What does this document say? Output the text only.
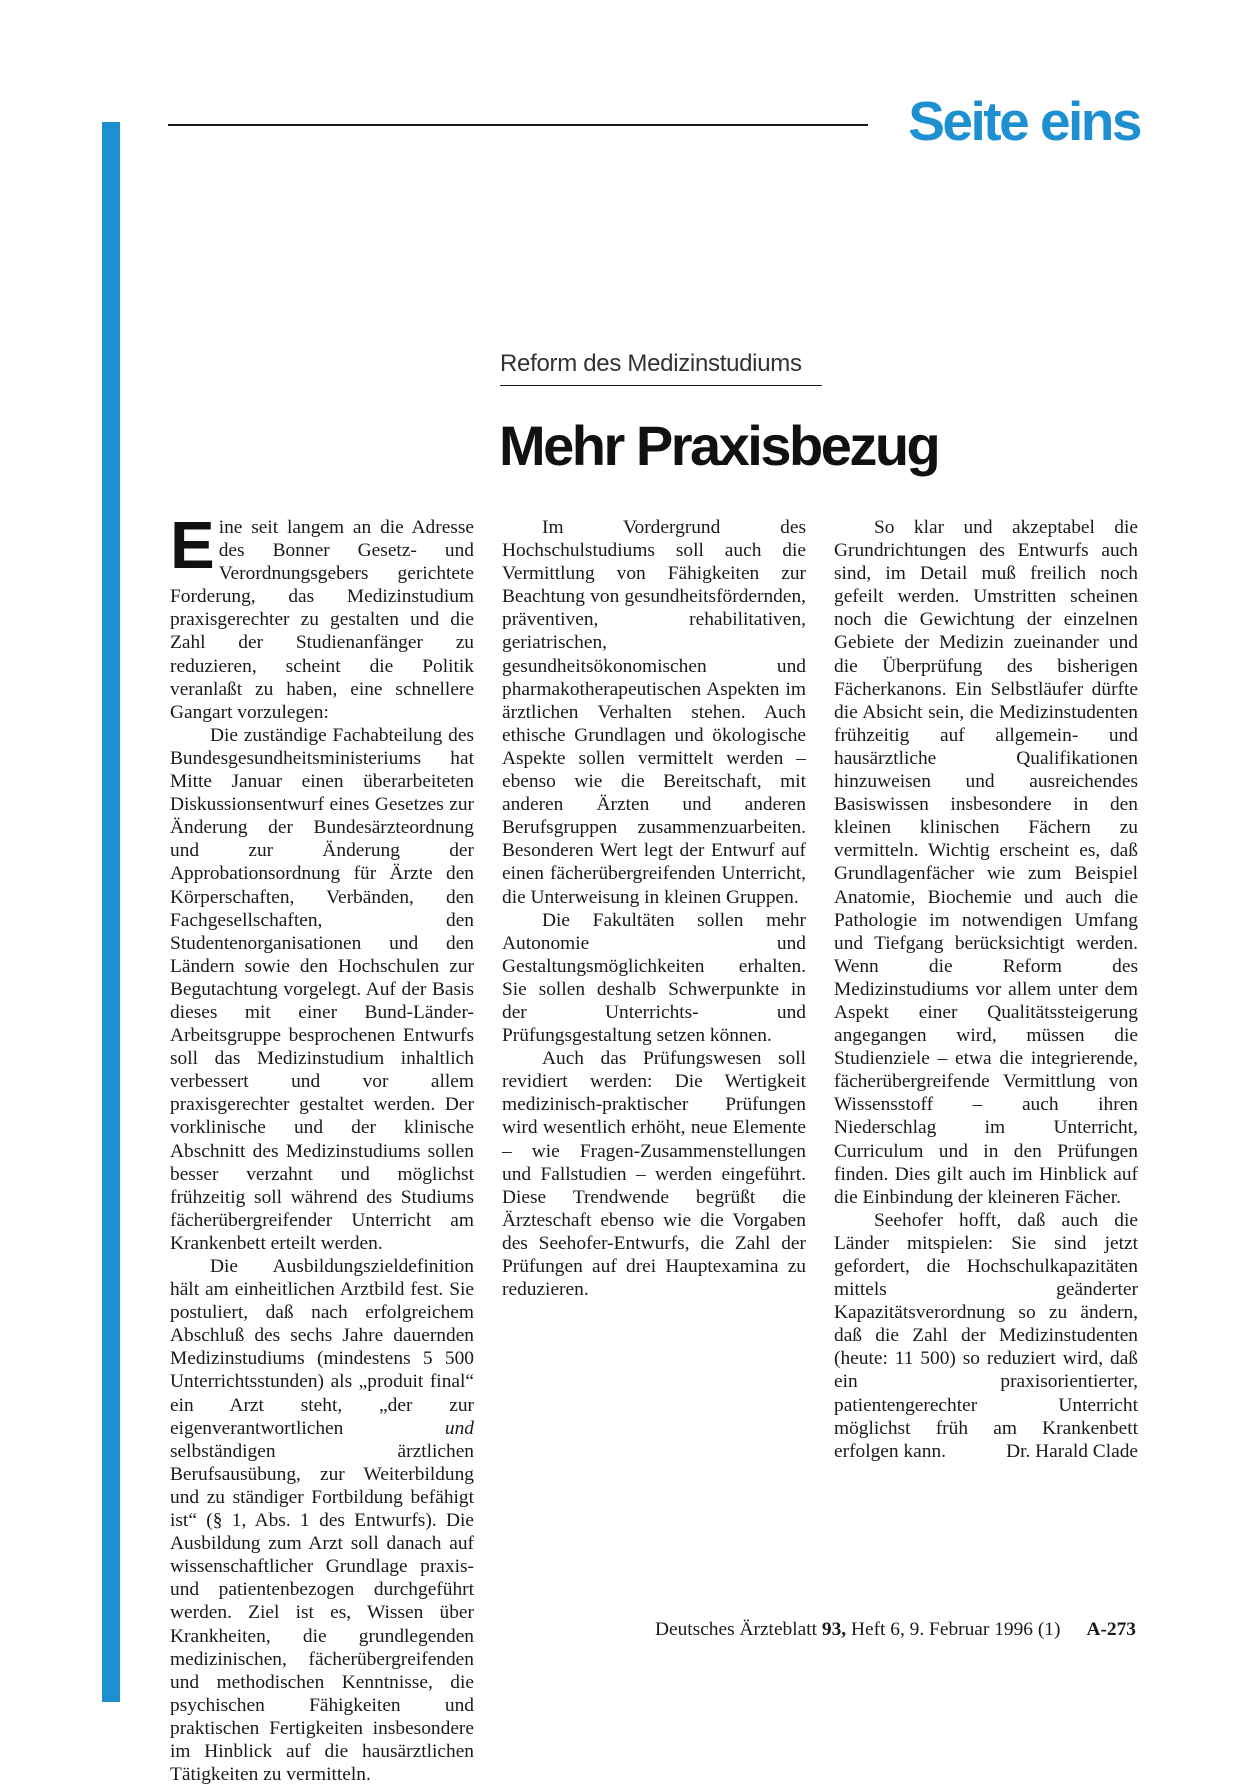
Seite eins
Reform des Medizinstudiums
Mehr Praxisbezug

Eine seit langem an die Adresse des Bonner Gesetz- und Verordnungsgebers gerichtete Forderung, das Medizinstudium praxisgerechter zu gestalten und die Zahl der Studienanfänger zu reduzieren, scheint die Politik veranlaßt zu haben, eine schnellere Gangart vorzulegen:

Die zuständige Fachabteilung des Bundesgesundheitsministeriums hat Mitte Januar einen überarbeiteten Diskussionsentwurf eines Gesetzes zur Änderung der Bundesärzteordnung und zur Änderung der Approbationsordnung für Ärzte den Körperschaften, Verbänden, den Fachgesellschaften, den Studentenorganisationen und den Ländern sowie den Hochschulen zur Begutachtung vorgelegt. Auf der Basis dieses mit einer Bund-Länder-Arbeitsgruppe besprochenen Entwurfs soll das Medizinstudium inhaltlich verbessert und vor allem praxisgerechter gestaltet werden. Der vorklinische und der klinische Abschnitt des Medizinstudiums sollen besser verzahnt und möglichst frühzeitig soll während des Studiums fächerübergreifender Unterricht am Krankenbett erteilt werden.

Die Ausbildungszieldefinition hält am einheitlichen Arztbild fest. Sie postuliert, daß nach erfolgreichem Abschluß des sechs Jahre dauernden Medizinstudiums (mindestens 5 500 Unterrichtsstunden) als „produit final“ ein Arzt steht, „der zur eigenverantwortlichen und selbständigen ärztlichen Berufsausübung, zur Weiterbildung und zu ständiger Fortbildung befähigt ist“ (§ 1, Abs. 1 des Entwurfs). Die Ausbildung zum Arzt soll danach auf wissenschaftlicher Grundlage praxis- und patientenbezogen durchgeführt werden. Ziel ist es, Wissen über Krankheiten, die grundlegenden medizinischen, fächerübergreifenden und methodischen Kenntnisse, die psychischen Fähigkeiten und praktischen Fertigkeiten insbesondere im Hinblick auf die hausärztlichen Tätigkeiten zu vermitteln.

Im Vordergrund des Hochschulstudiums soll auch die Vermittlung von Fähigkeiten zur Beachtung von gesundheitsfördernden, präventiven, rehabilitativen, geriatrischen, gesundheitsökonomischen und pharmakotherapeutischen Aspekten im ärztlichen Verhalten stehen. Auch ethische Grundlagen und ökologische Aspekte sollen vermittelt werden – ebenso wie die Bereitschaft, mit anderen Ärzten und anderen Berufsgruppen zusammenzuarbeiten. Besonderen Wert legt der Entwurf auf einen fächerübergreifenden Unterricht, die Unterweisung in kleinen Gruppen.

Die Fakultäten sollen mehr Autonomie und Gestaltungsmöglichkeiten erhalten. Sie sollen deshalb Schwerpunkte in der Unterrichts- und Prüfungsgestaltung setzen können.

Auch das Prüfungswesen soll revidiert werden: Die Wertigkeit medizinisch-praktischer Prüfungen wird wesentlich erhöht, neue Elemente – wie Fragen-Zusammenstellungen und Fallstudien – werden eingeführt. Diese Trendwende begrüßt die Ärzteschaft ebenso wie die Vorgaben des Seehofer-Entwurfs, die Zahl der Prüfungen auf drei Hauptexamina zu reduzieren.

So klar und akzeptabel die Grundrichtungen des Entwurfs auch sind, im Detail muß freilich noch gefeilt werden. Umstritten scheinen noch die Gewichtung der einzelnen Gebiete der Medizin zueinander und die Überprüfung des bisherigen Fächerkanons. Ein Selbstläufer dürfte die Absicht sein, die Medizinstudenten frühzeitig auf allgemein- und hausärztliche Qualifikationen hinzuweisen und ausreichendes Basiswissen insbesondere in den kleinen klinischen Fächern zu vermitteln. Wichtig erscheint es, daß Grundlagenfächer wie zum Beispiel Anatomie, Biochemie und auch die Pathologie im notwendigen Umfang und Tiefgang berücksichtigt werden. Wenn die Reform des Medizinstudiums vor allem unter dem Aspekt einer Qualitätssteigerung angegangen wird, müssen die Studienziele – etwa die integrierende, fächerübergreifende Vermittlung von Wissensstoff – auch ihren Niederschlag im Unterricht, Curriculum und in den Prüfungen finden. Dies gilt auch im Hinblick auf die Einbindung der kleineren Fächer.

Seehofer hofft, daß auch die Länder mitspielen: Sie sind jetzt gefordert, die Hochschulkapazitäten mittels geänderter Kapazitätsverordnung so zu ändern, daß die Zahl der Medizinstudenten (heute: 11 500) so reduziert wird, daß ein praxisorientierter, patientengerechter Unterricht möglichst früh am Krankenbett erfolgen kann.	Dr. Harald Clade

Deutsches Ärzteblatt 93, Heft 6, 9. Februar 1996 (1) A-273
